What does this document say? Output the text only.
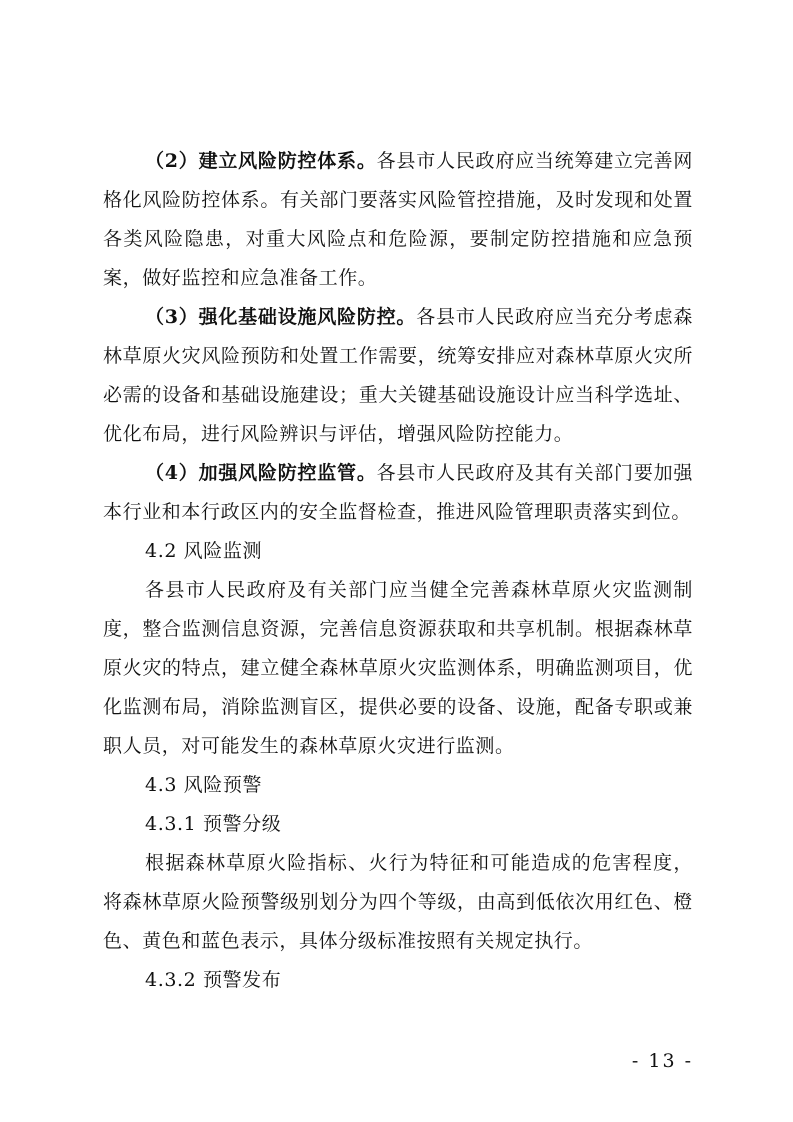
（2）建立风险防控体系。各县市人民政府应当统筹建立完善网格化风险防控体系。有关部门要落实风险管控措施，及时发现和处置各类风险隐患，对重大风险点和危险源，要制定防控措施和应急预案，做好监控和应急准备工作。

（3）强化基础设施风险防控。各县市人民政府应当充分考虑森林草原火灾风险预防和处置工作需要，统筹安排应对森林草原火灾所必需的设备和基础设施建设；重大关键基础设施设计应当科学选址、优化布局，进行风险辨识与评估，增强风险防控能力。

（4）加强风险防控监管。各县市人民政府及其有关部门要加强本行业和本行政区内的安全监督检查，推进风险管理职责落实到位。

4.2 风险监测

各县市人民政府及有关部门应当健全完善森林草原火灾监测制度，整合监测信息资源，完善信息资源获取和共享机制。根据森林草原火灾的特点，建立健全森林草原火灾监测体系，明确监测项目，优化监测布局，消除监测盲区，提供必要的设备、设施，配备专职或兼职人员，对可能发生的森林草原火灾进行监测。

4.3 风险预警

4.3.1 预警分级

根据森林草原火险指标、火行为特征和可能造成的危害程度，将森林草原火险预警级别划分为四个等级，由高到低依次用红色、橙色、黄色和蓝色表示，具体分级标准按照有关规定执行。

4.3.2 预警发布

- 13 -
